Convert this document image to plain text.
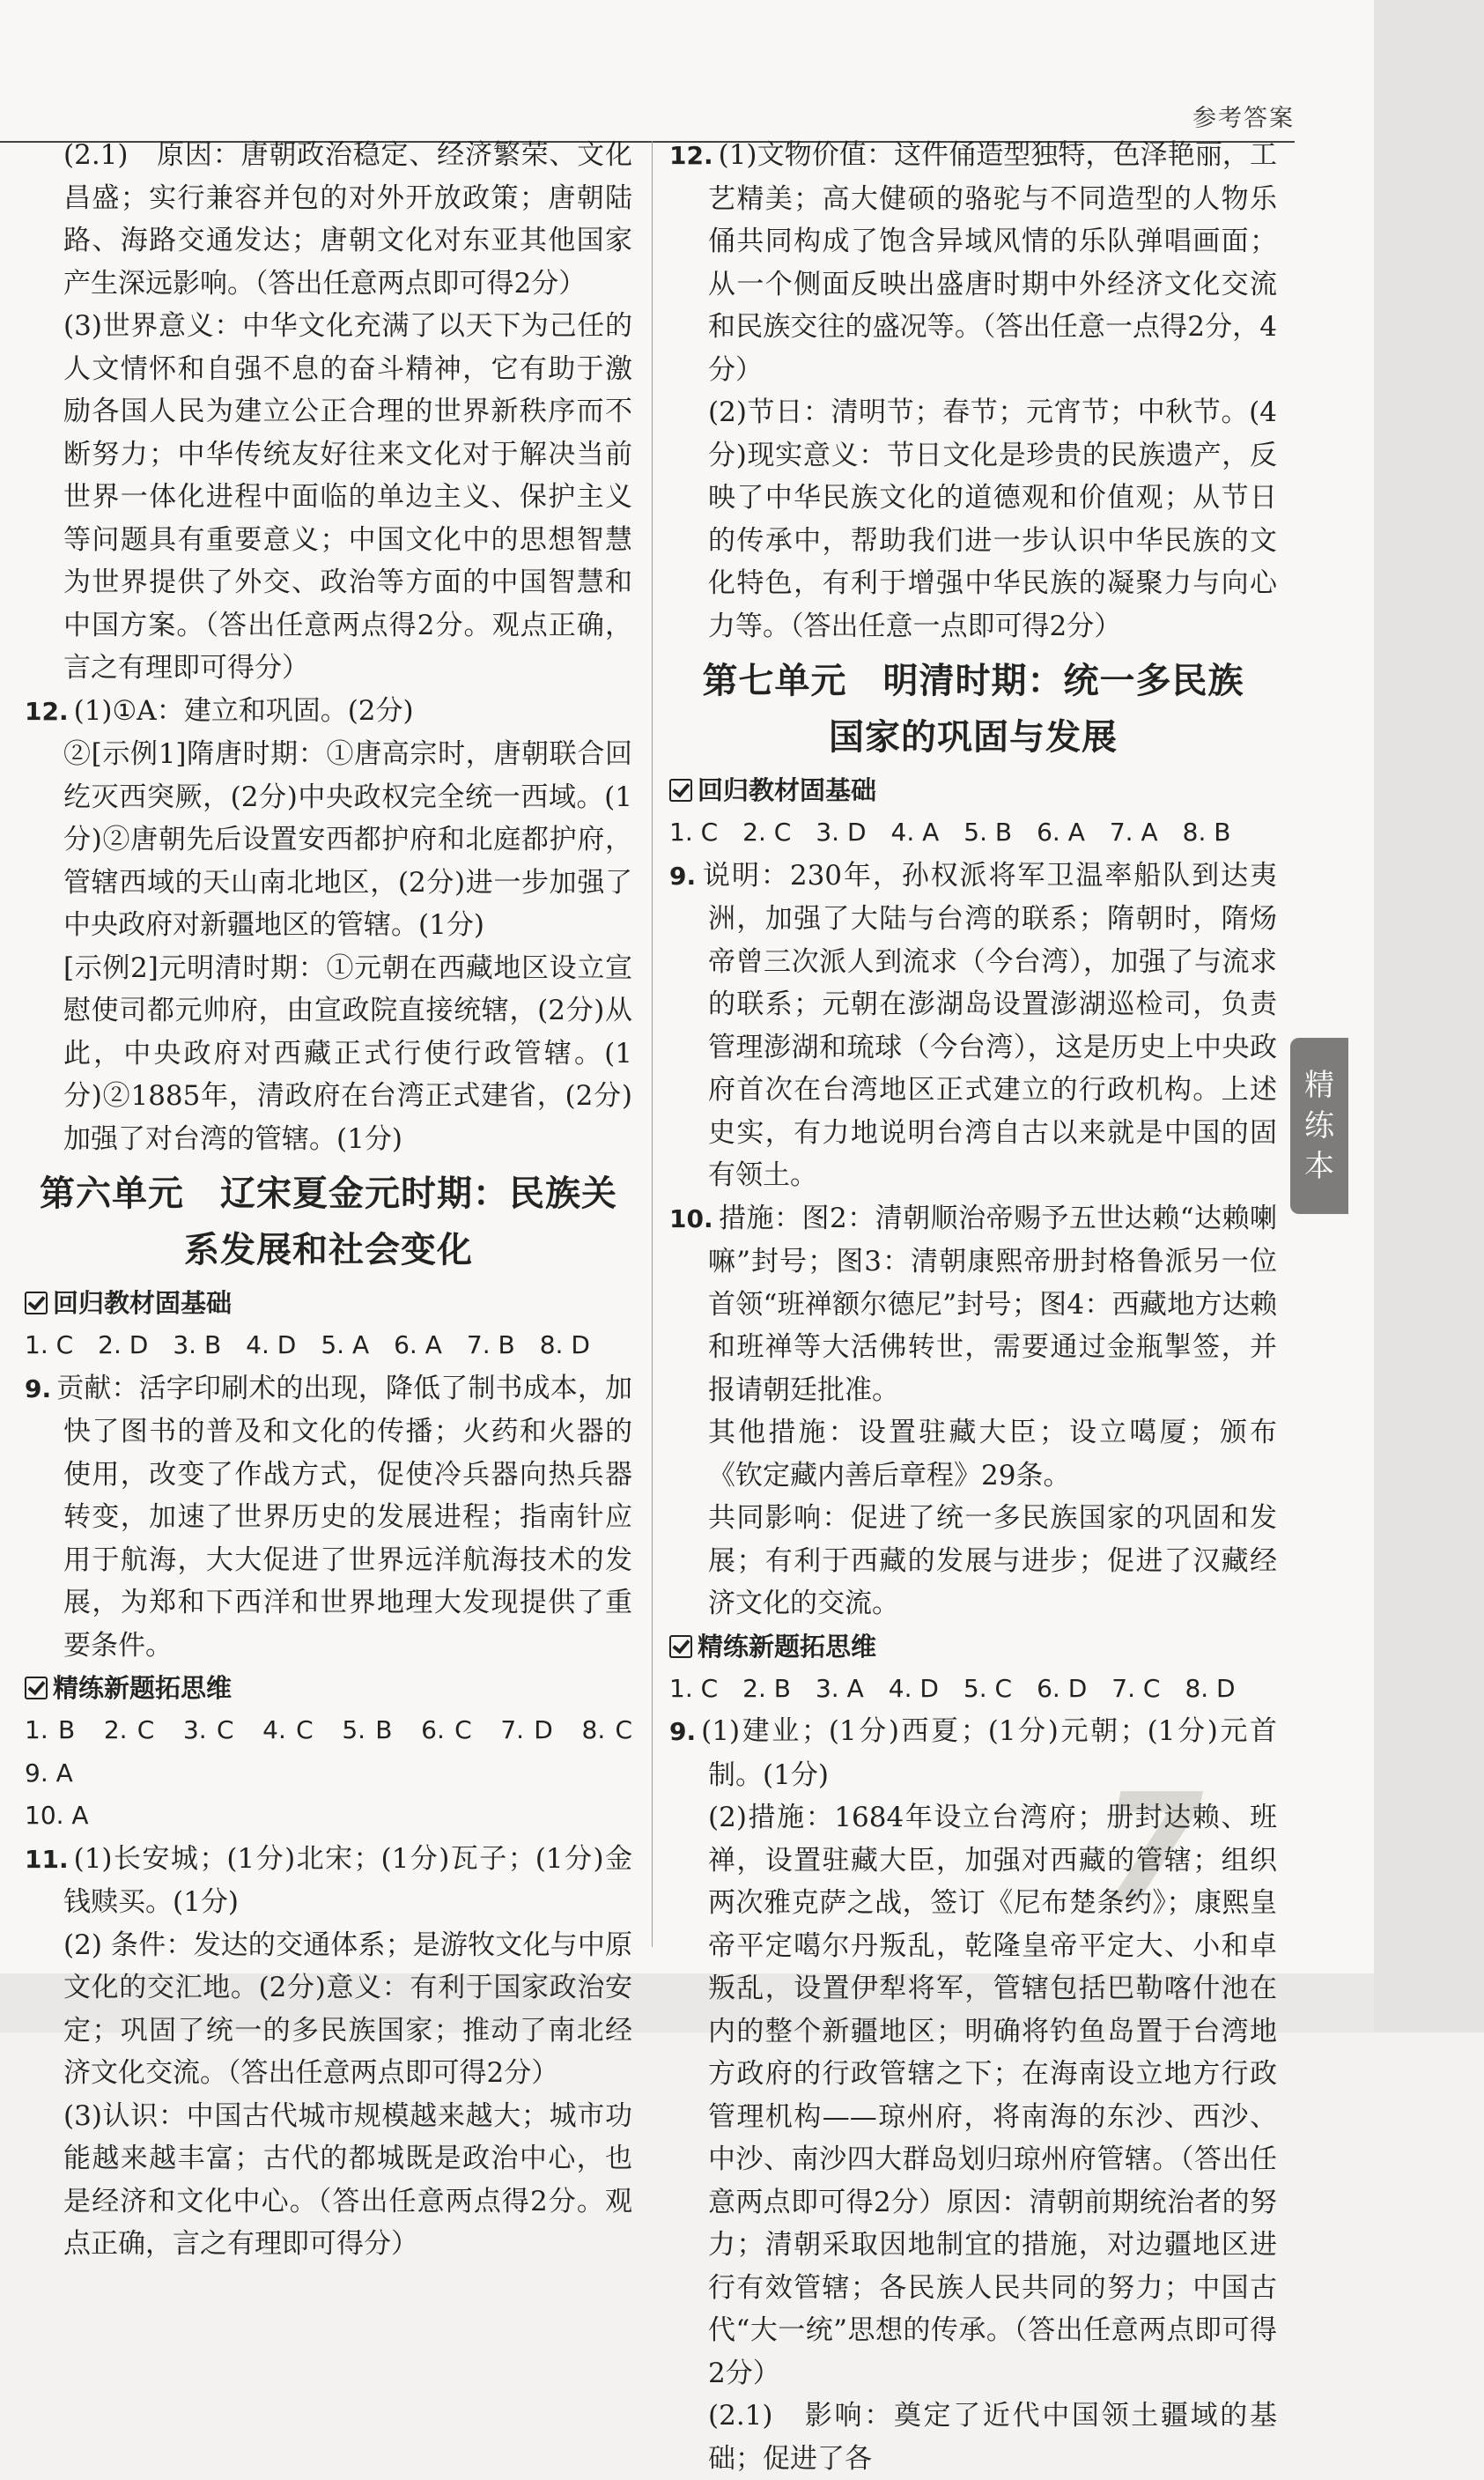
参考答案
7
精
练
本

(2.1)　原因：唐朝政治稳定、经济繁荣、文化昌盛；实行兼容并包的对外开放政策；唐朝陆路、海路交通发达；唐朝文化对东亚其他国家产生深远影响。（答出任意两点即可得2分）

(3)世界意义：中华文化充满了以天下为己任的人文情怀和自强不息的奋斗精神，它有助于激励各国人民为建立公正合理的世界新秩序而不断努力；中华传统友好往来文化对于解决当前世界一体化进程中面临的单边主义、保护主义等问题具有重要意义；中国文化中的思想智慧为世界提供了外交、政治等方面的中国智慧和中国方案。（答出任意两点得2分。观点正确，言之有理即可得分）

12. (1)①A：建立和巩固。(2分)

②[示例1]隋唐时期：①唐高宗时，唐朝联合回纥灭西突厥，(2分)中央政权完全统一西域。(1分)②唐朝先后设置安西都护府和北庭都护府，管辖西域的天山南北地区，(2分)进一步加强了中央政府对新疆地区的管辖。(1分)

[示例2]元明清时期：①元朝在西藏地区设立宣慰使司都元帅府，由宣政院直接统辖，(2分)从此，中央政府对西藏正式行使行政管辖。(1分)②1885年，清政府在台湾正式建省，(2分)加强了对台湾的管辖。(1分)

第六单元　辽宋夏金元时期：民族关
系发展和社会变化
回归教材固基础

1. C　2. D　3. B　4. D　5. A　6. A　7. B　8. D

9. 贡献：活字印刷术的出现，降低了制书成本，加快了图书的普及和文化的传播；火药和火器的使用，改变了作战方式，促使冷兵器向热兵器转变，加速了世界历史的发展进程；指南针应用于航海，大大促进了世界远洋航海技术的发展，为郑和下西洋和世界地理大发现提供了重要条件。

精练新题拓思维

1. B　2. C　3. C　4. C　5. B　6. C　7. D　8. C　9. A

10. A

11. (1)长安城；(1分)北宋；(1分)瓦子；(1分)金钱赎买。(1分)

(2) 条件：发达的交通体系；是游牧文化与中原文化的交汇地。(2分)意义：有利于国家政治安定；巩固了统一的多民族国家；推动了南北经济文化交流。（答出任意两点即可得2分）

(3)认识：中国古代城市规模越来越大；城市功能越来越丰富；古代的都城既是政治中心，也是经济和文化中心。（答出任意两点得2分。观点正确，言之有理即可得分）

12. (1)文物价值：这件俑造型独特，色泽艳丽，工艺精美；高大健硕的骆驼与不同造型的人物乐俑共同构成了饱含异域风情的乐队弹唱画面；从一个侧面反映出盛唐时期中外经济文化交流和民族交往的盛况等。（答出任意一点得2分，4分）

(2)节日：清明节；春节；元宵节；中秋节。(4分)现实意义：节日文化是珍贵的民族遗产，反映了中华民族文化的道德观和价值观；从节日的传承中，帮助我们进一步认识中华民族的文化特色，有利于增强中华民族的凝聚力与向心力等。（答出任意一点即可得2分）

第七单元　明清时期：统一多民族
国家的巩固与发展
回归教材固基础

1. C　2. C　3. D　4. A　5. B　6. A　7. A　8. B

9. 说明：230年，孙权派将军卫温率船队到达夷洲，加强了大陆与台湾的联系；隋朝时，隋炀帝曾三次派人到流求（今台湾），加强了与流求的联系；元朝在澎湖岛设置澎湖巡检司，负责管理澎湖和琉球（今台湾），这是历史上中央政府首次在台湾地区正式建立的行政机构。上述史实，有力地说明台湾自古以来就是中国的固有领土。

10. 措施：图2：清朝顺治帝赐予五世达赖“达赖喇嘛”封号；图3：清朝康熙帝册封格鲁派另一位首领“班禅额尔德尼”封号；图4：西藏地方达赖和班禅等大活佛转世，需要通过金瓶掣签，并报请朝廷批准。

其他措施：设置驻藏大臣；设立噶厦；颁布《钦定藏内善后章程》29条。

共同影响：促进了统一多民族国家的巩固和发展；有利于西藏的发展与进步；促进了汉藏经济文化的交流。

精练新题拓思维

1. C　2. B　3. A　4. D　5. C　6. D　7. C　8. D

9. (1)建业；(1分)西夏；(1分)元朝；(1分)元首制。(1分)

(2)措施：1684年设立台湾府；册封达赖、班禅，设置驻藏大臣，加强对西藏的管辖；组织两次雅克萨之战，签订《尼布楚条约》；康熙皇帝平定噶尔丹叛乱，乾隆皇帝平定大、小和卓叛乱，设置伊犁将军，管辖包括巴勒喀什池在内的整个新疆地区；明确将钓鱼岛置于台湾地方政府的行政管辖之下；在海南设立地方行政管理机构——琼州府，将南海的东沙、西沙、中沙、南沙四大群岛划归琼州府管辖。（答出任意两点即可得2分）原因：清朝前期统治者的努力；清朝采取因地制宜的措施，对边疆地区进行有效管辖；各民族人民共同的努力；中国古代“大一统”思想的传承。（答出任意两点即可得2分）

(2.1)　影响：奠定了近代中国领土疆域的基础；促进了各
